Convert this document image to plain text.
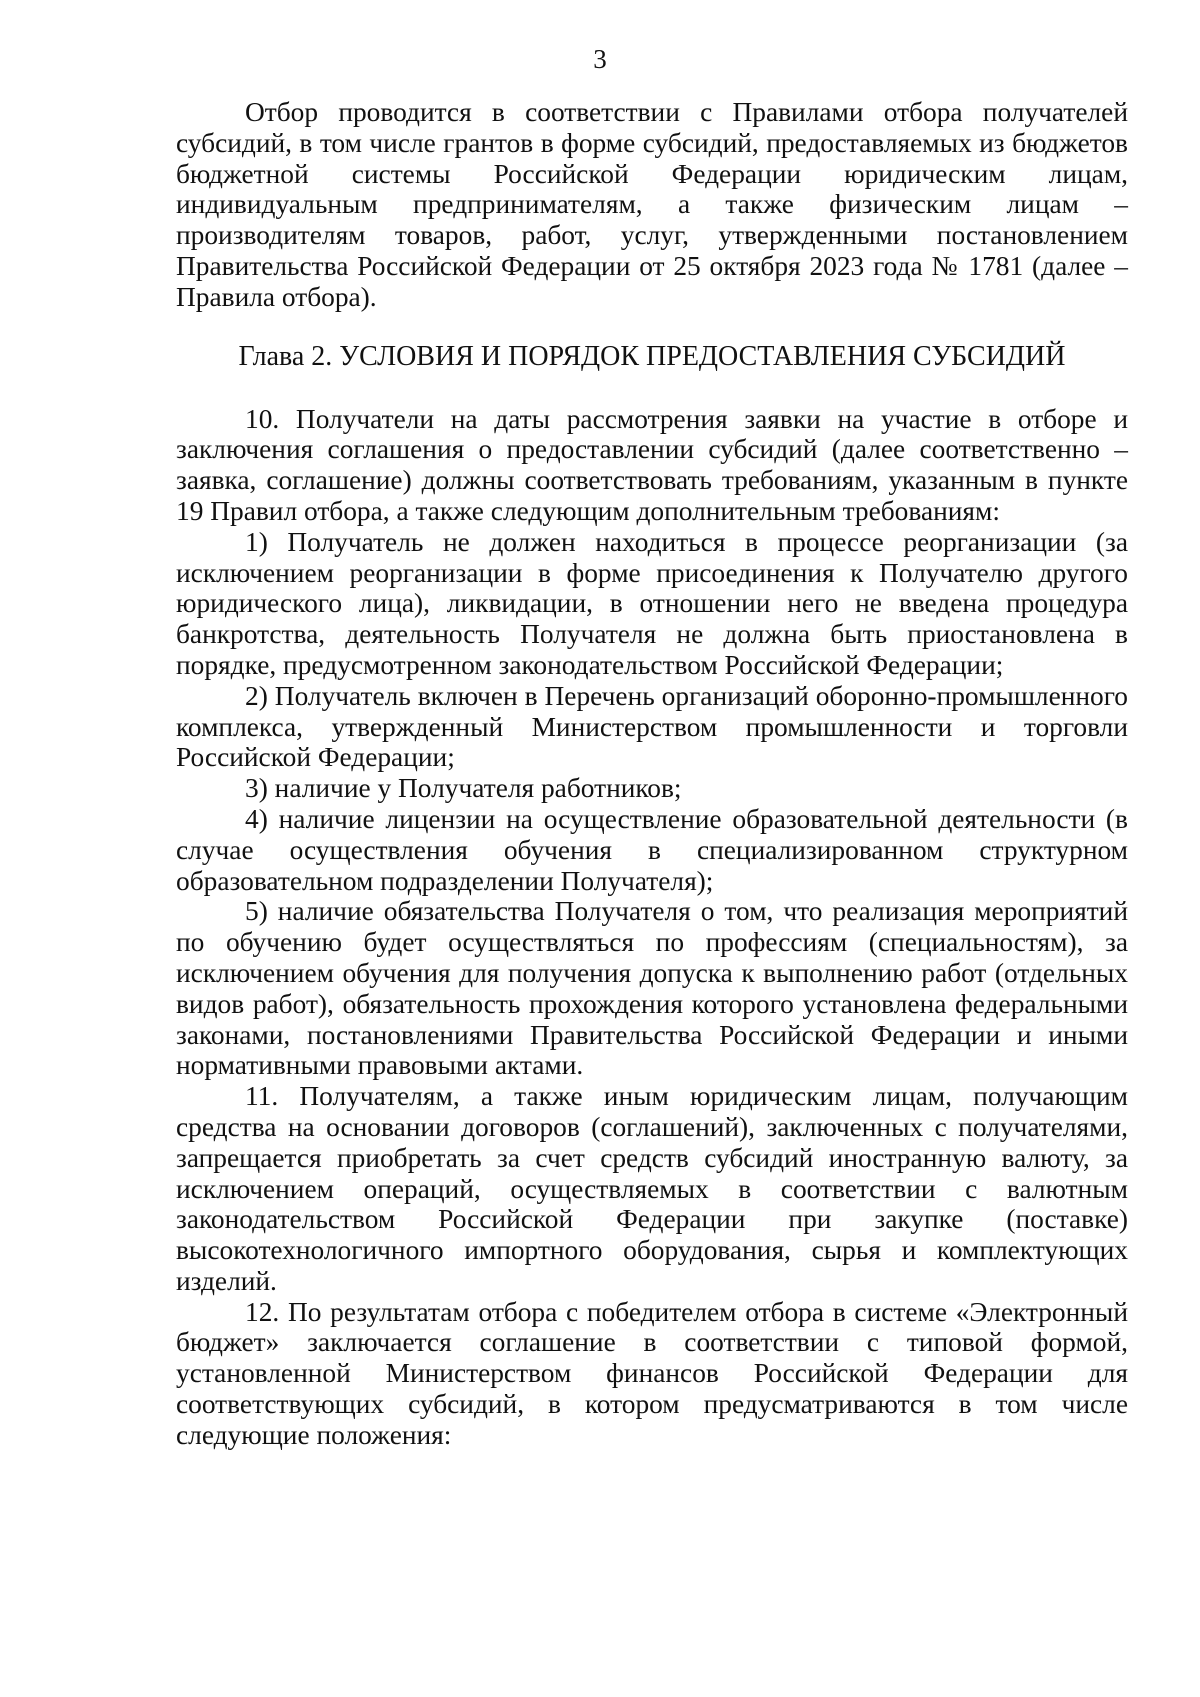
3

Отбор проводится в соответствии с Правилами отбора получателей субсидий, в том числе грантов в форме субсидий, предоставляемых из бюджетов бюджетной системы Российской Федерации юридическим лицам, индивидуальным предпринимателям, а также физическим лицам – производителям товаров, работ, услуг, утвержденными постановлением Правительства Российской Федерации от 25 октября 2023 года № 1781 (далее – Правила отбора).

Глава 2. УСЛОВИЯ И ПОРЯДОК ПРЕДОСТАВЛЕНИЯ СУБСИДИЙ

10. Получатели на даты рассмотрения заявки на участие в отборе и заключения соглашения о предоставлении субсидий (далее соответственно – заявка, соглашение) должны соответствовать требованиям, указанным в пункте 19 Правил отбора, а также следующим дополнительным требованиям:

1) Получатель не должен находиться в процессе реорганизации (за исключением реорганизации в форме присоединения к Получателю другого юридического лица), ликвидации, в отношении него не введена процедура банкротства, деятельность Получателя не должна быть приостановлена в порядке, предусмотренном законодательством Российской Федерации;

2) Получатель включен в Перечень организаций оборонно-промышленного комплекса, утвержденный Министерством промышленности и торговли Российской Федерации;

3) наличие у Получателя работников;

4) наличие лицензии на осуществление образовательной деятельности (в случае осуществления обучения в специализированном структурном образовательном подразделении Получателя);

5) наличие обязательства Получателя о том, что реализация мероприятий по обучению будет осуществляться по профессиям (специальностям), за исключением обучения для получения допуска к выполнению работ (отдельных видов работ), обязательность прохождения которого установлена федеральными законами, постановлениями Правительства Российской Федерации и иными нормативными правовыми актами.

11. Получателям, а также иным юридическим лицам, получающим средства на основании договоров (соглашений), заключенных с получателями, запрещается приобретать за счет средств субсидий иностранную валюту, за исключением операций, осуществляемых в соответствии с валютным законодательством Российской Федерации при закупке (поставке) высокотехнологичного импортного оборудования, сырья и комплектующих изделий.

12. По результатам отбора с победителем отбора в системе «Электронный бюджет» заключается соглашение в соответствии с типовой формой, установленной Министерством финансов Российской Федерации для соответствующих субсидий, в котором предусматриваются в том числе следующие положения:
